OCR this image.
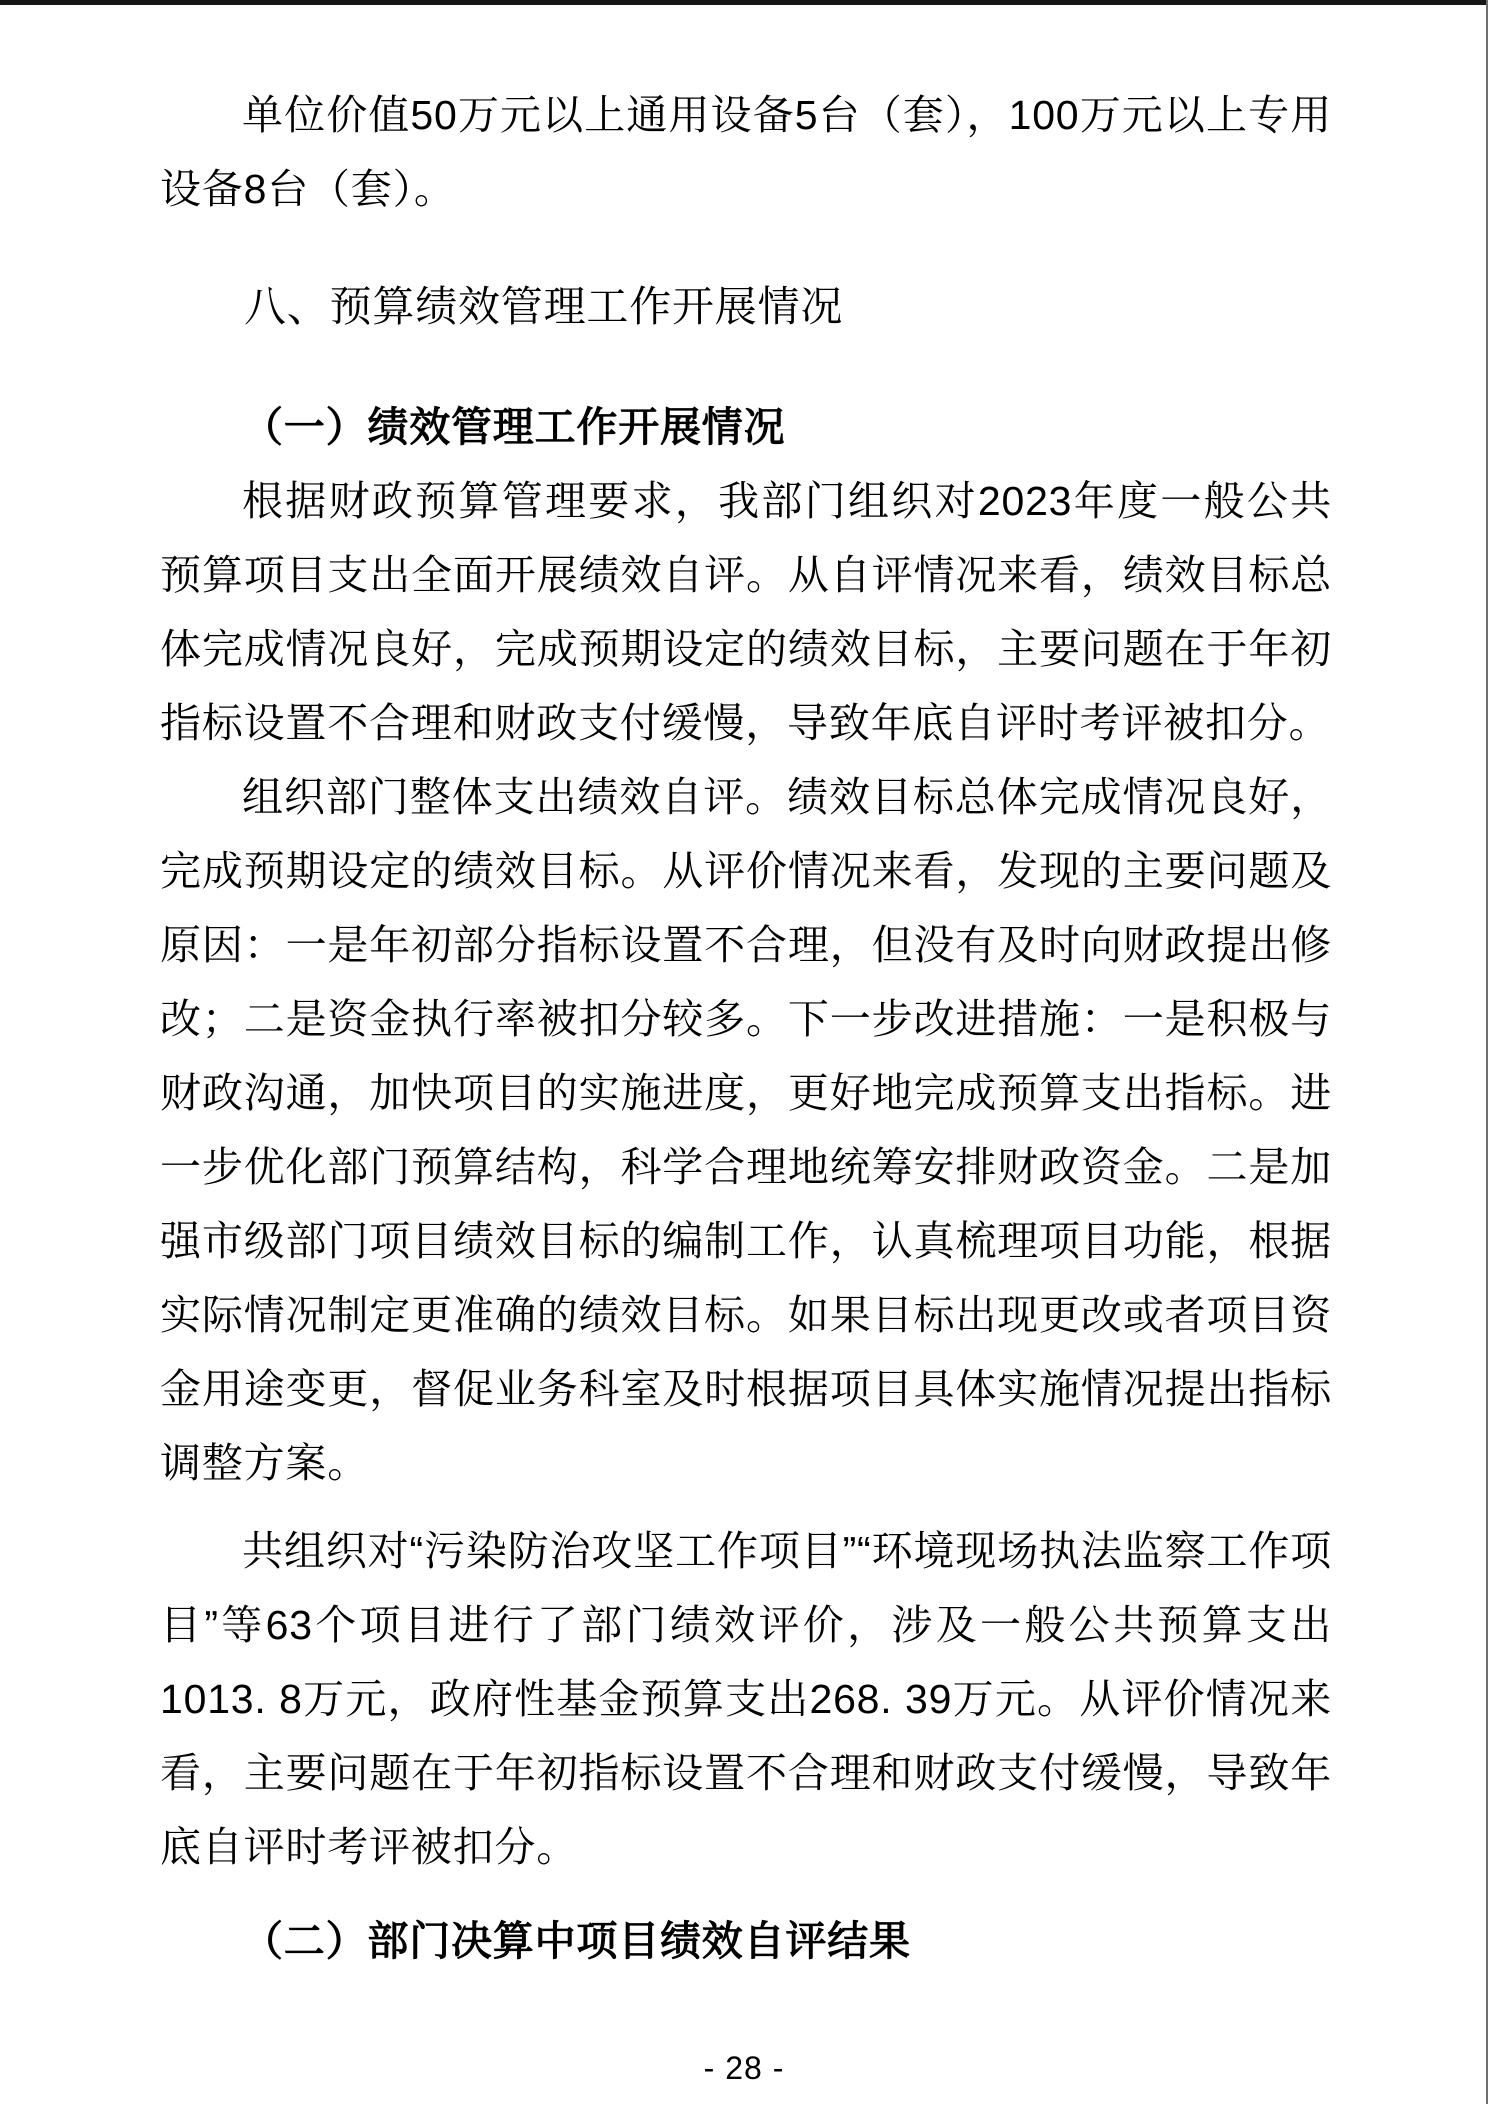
单位价值50万元以上通用设备5台（套），100万元以上专用设备8台（套）。

八、预算绩效管理工作开展情况

（一）绩效管理工作开展情况

根据财政预算管理要求，我部门组织对2023年度一般公共预算项目支出全面开展绩效自评。从自评情况来看，绩效目标总体完成情况良好，完成预期设定的绩效目标，主要问题在于年初指标设置不合理和财政支付缓慢，导致年底自评时考评被扣分。

组织部门整体支出绩效自评。绩效目标总体完成情况良好，完成预期设定的绩效目标。从评价情况来看，发现的主要问题及原因：一是年初部分指标设置不合理，但没有及时向财政提出修改；二是资金执行率被扣分较多。下一步改进措施：一是积极与财政沟通，加快项目的实施进度，更好地完成预算支出指标。进一步优化部门预算结构，科学合理地统筹安排财政资金。二是加强市级部门项目绩效目标的编制工作，认真梳理项目功能，根据实际情况制定更准确的绩效目标。如果目标出现更改或者项目资金用途变更，督促业务科室及时根据项目具体实施情况提出指标调整方案。

共组织对“污染防治攻坚工作项目”“环境现场执法监察工作项目”等63个项目进行了部门绩效评价，涉及一般公共预算支出1013. 8万元，政府性基金预算支出268. 39万元。从评价情况来看，主要问题在于年初指标设置不合理和财政支付缓慢，导致年底自评时考评被扣分。

（二）部门决算中项目绩效自评结果

- 28 -
